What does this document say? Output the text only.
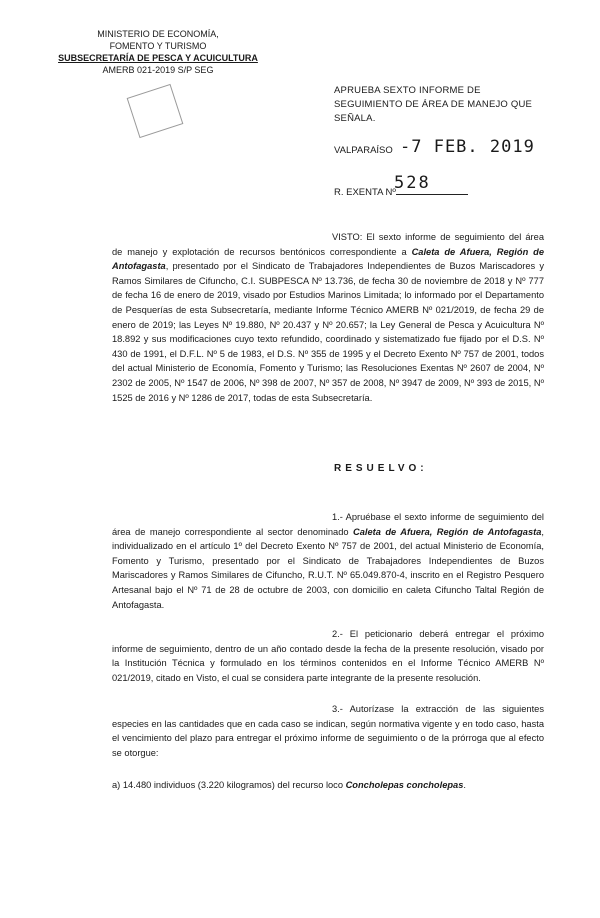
MINISTERIO DE ECONOMÍA,
FOMENTO Y TURISMO
SUBSECRETARÍA DE PESCA Y ACUICULTURA
AMERB 021-2019 S/P SEG
APRUEBA SEXTO INFORME DE SEGUIMIENTO DE ÁREA DE MANEJO QUE SEÑALA.
VALPARAÍSO -7 FEB. 2019
R. EXENTA Nº
528
VISTO: El sexto informe de seguimiento del área de manejo y explotación de recursos bentónicos correspondiente a Caleta de Afuera, Región de Antofagasta, presentado por el Sindicato de Trabajadores Independientes de Buzos Mariscadores y Ramos Similares de Cifuncho, C.I. SUBPESCA Nº 13.736, de fecha 30 de noviembre de 2018 y Nº 777 de fecha 16 de enero de 2019, visado por Estudios Marinos Limitada; lo informado por el Departamento de Pesquerías de esta Subsecretaría, mediante Informe Técnico AMERB Nº 021/2019, de fecha 29 de enero de 2019; las Leyes Nº 19.880, Nº 20.437 y Nº 20.657; la Ley General de Pesca y Acuicultura Nº 18.892 y sus modificaciones cuyo texto refundido, coordinado y sistematizado fue fijado por el D.S. Nº 430 de 1991, el D.F.L. Nº 5 de 1983, el D.S. Nº 355 de 1995 y el Decreto Exento Nº 757 de 2001, todos del actual Ministerio de Economía, Fomento y Turismo; las Resoluciones Exentas Nº 2607 de 2004, Nº 2302 de 2005, Nº 1547 de 2006, Nº 398 de 2007, Nº 357 de 2008, Nº 3947 de 2009, Nº 393 de 2015, Nº 1525 de 2016 y Nº 1286 de 2017, todas de esta Subsecretaría.
RESUELVO:
1.- Apruébase el sexto informe de seguimiento del área de manejo correspondiente al sector denominado Caleta de Afuera, Región de Antofagasta, individualizado en el artículo 1º del Decreto Exento Nº 757 de 2001, del actual Ministerio de Economía, Fomento y Turismo, presentado por el Sindicato de Trabajadores Independientes de Buzos Mariscadores y Ramos Similares de Cifuncho, R.U.T. Nº 65.049.870-4, inscrito en el Registro Pesquero Artesanal bajo el Nº 71 de 28 de octubre de 2003, con domicilio en caleta Cifuncho Taltal Región de Antofagasta.
2.- El peticionario deberá entregar el próximo informe de seguimiento, dentro de un año contado desde la fecha de la presente resolución, visado por la Institución Técnica y formulado en los términos contenidos en el Informe Técnico AMERB Nº 021/2019, citado en Visto, el cual se considera parte integrante de la presente resolución.
3.- Autorízase la extracción de las siguientes especies en las cantidades que en cada caso se indican, según normativa vigente y en todo caso, hasta el vencimiento del plazo para entregar el próximo informe de seguimiento o de la prórroga que al efecto se otorgue:
a) 14.480 individuos (3.220 kilogramos) del recurso loco Concholepas concholepas.
